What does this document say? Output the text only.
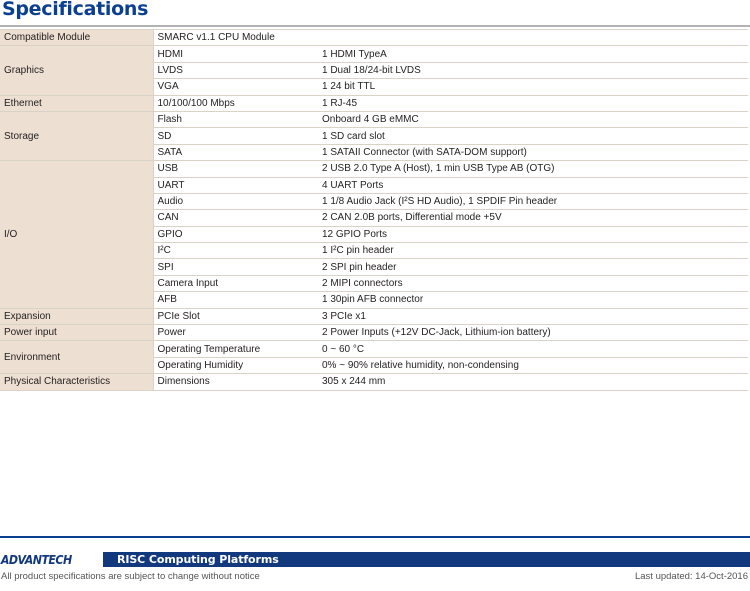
Specifications
Compatible Module	SMARC v1.1 CPU Module	
Graphics	HDMI	1 HDMI TypeA
	LVDS	1 Dual 18/24-bit LVDS
	VGA	1 24 bit TTL
Ethernet	10/100/100 Mbps	1 RJ-45
Storage	Flash	Onboard 4 GB eMMC
	SD	1 SD card slot
	SATA	1 SATAII Connector (with SATA-DOM support)
I/O	USB	2 USB 2.0 Type A (Host), 1 min USB Type AB (OTG)
	UART	4 UART Ports
	Audio	1 1/8 Audio Jack (I²S HD Audio), 1 SPDIF Pin header
	CAN	2 CAN 2.0B ports, Differential mode +5V
	GPIO	12 GPIO Ports
	I²C	1 I²C pin header
	SPI	2 SPI pin header
	Camera Input	2 MIPI connectors
	AFB	1 30pin AFB connector
Expansion	PCIe Slot	3 PCIe x1
Power input	Power	2 Power Inputs (+12V DC-Jack, Lithium-ion battery)
Environment	Operating Temperature	0 ~ 60 °C
	Operating Humidity	0% ~ 90% relative humidity, non-condensing
Physical Characteristics	Dimensions	305 x 244 mm
ADVANTECH	RISC Computing Platforms
All product specifications are subject to change without notice	Last updated: 14-Oct-2016
